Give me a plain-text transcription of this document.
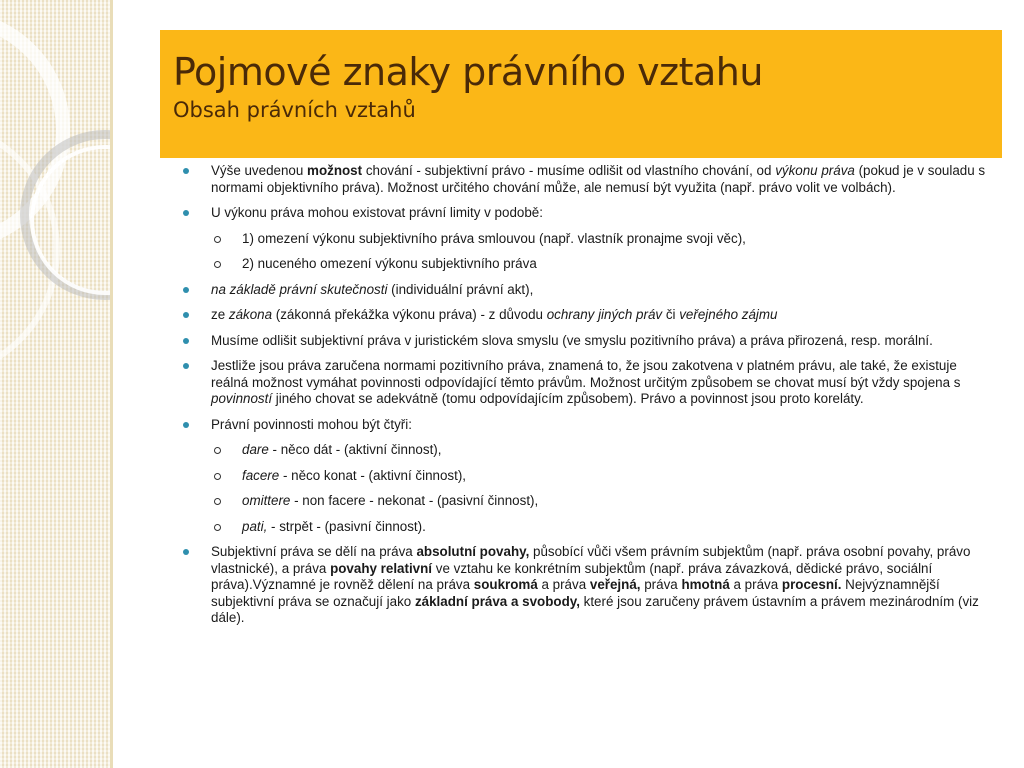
Pojmové znaky právního vztahu
Obsah právních vztahů
Výše uvedenou možnost chování - subjektivní právo - musíme odlišit od vlastního chování, od výkonu práva (pokud je v souladu s normami objektivního práva). Možnost určitého chování může, ale nemusí být využita (např. právo volit ve volbách).
U výkonu práva mohou existovat právní limity v podobě:
1) omezení výkonu subjektivního práva smlouvou (např. vlastník pronajme svoji věc),
2) nuceného omezení výkonu subjektivního práva
na základě právní skutečnosti (individuální právní akt),
ze zákona (zákonná překážka výkonu práva) - z důvodu ochrany jiných práv či veřejného zájmu
Musíme odlišit subjektivní práva v juristickém slova smyslu (ve smyslu pozitivního práva) a práva přirozená, resp. morální.
Jestliže jsou práva zaručena normami pozitivního práva, znamená to, že jsou zakotvena v platném právu, ale také, že existuje reálná možnost vymáhat povinnosti odpovídající těmto právům. Možnost určitým způsobem se chovat musí být vždy spojena s povinností jiného chovat se adekvátně (tomu odpovídajícím způsobem). Právo a povinnost jsou proto koreláty.
Právní povinnosti mohou být čtyři:
dare - něco dát - (aktivní činnost),
facere - něco konat - (aktivní činnost),
omittere - non facere - nekonat - (pasivní činnost),
pati, - strpět - (pasivní činnost).
Subjektivní práva se dělí na práva absolutní povahy, působící vůči všem právním subjektům (např. práva osobní povahy, právo vlastnické), a práva povahy relativní ve vztahu ke konkrétním subjektům (např. práva závazková, dědické právo, sociální práva).Významné je rovněž dělení na práva soukromá a práva veřejná, práva hmotná a práva procesní. Nejvýznamnější subjektivní práva se označují jako základní práva a svobody, které jsou zaručeny právem ústavním a právem mezinárodním (viz dále).
